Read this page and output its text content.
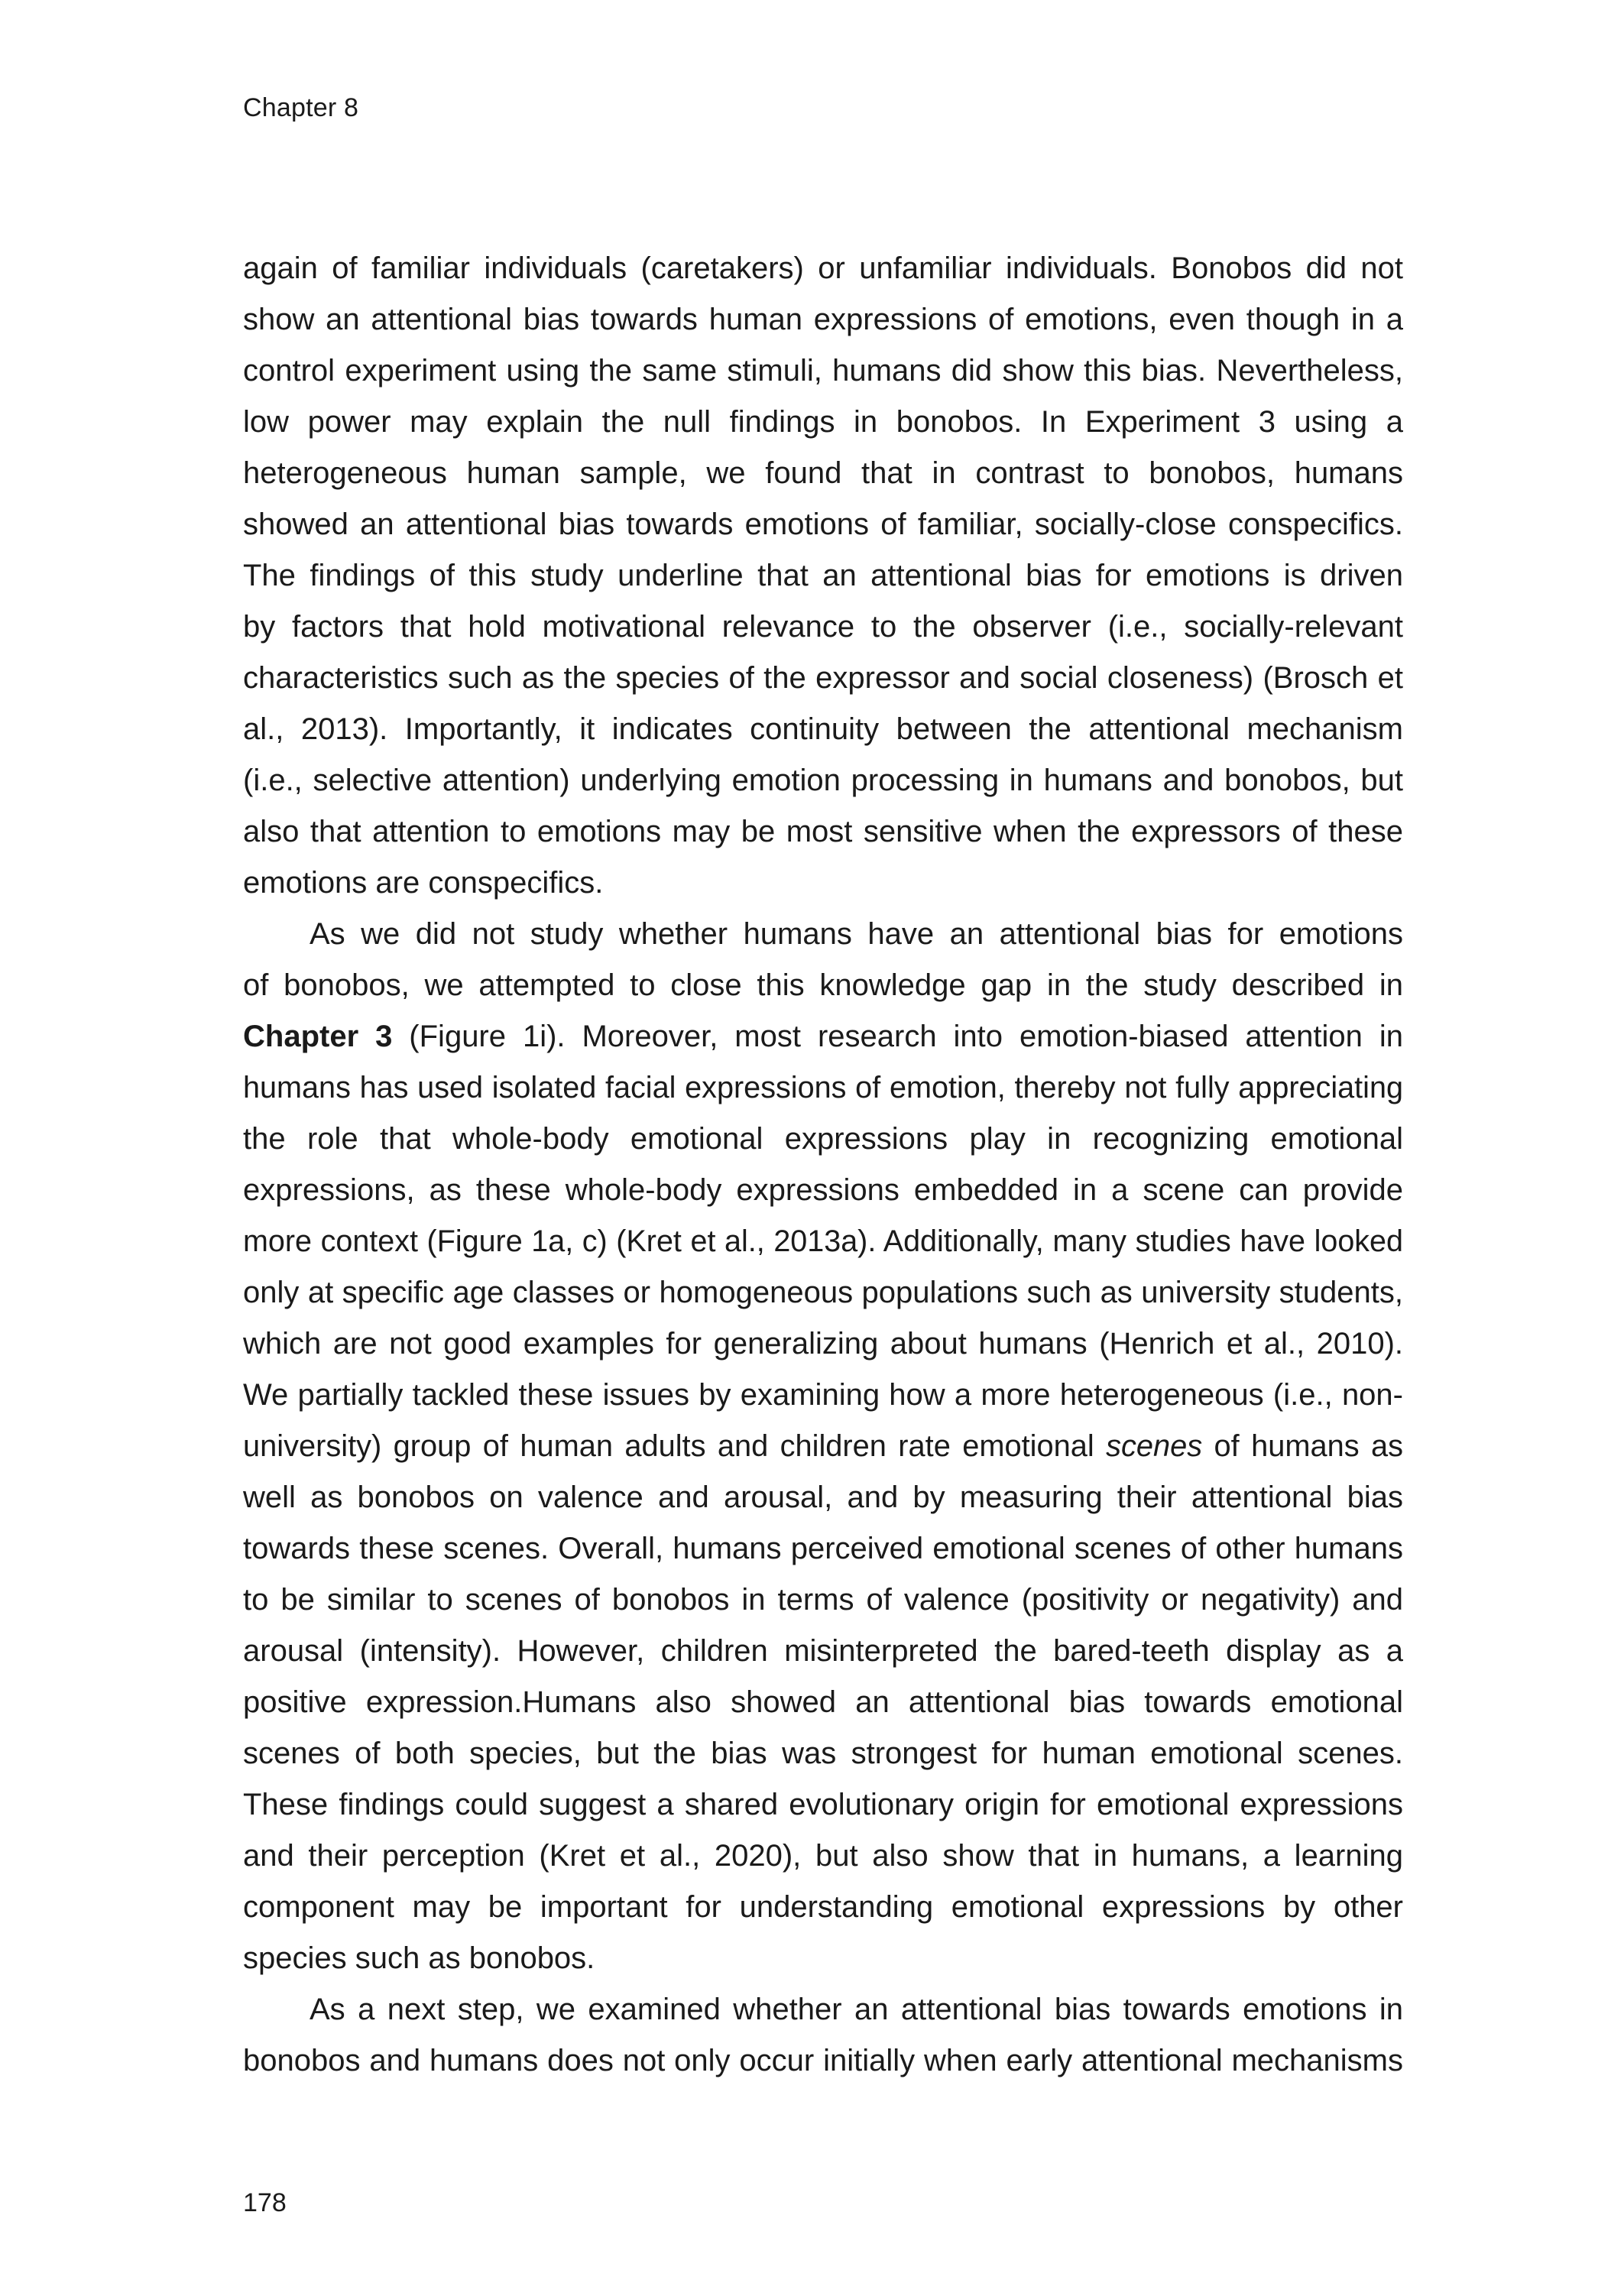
Chapter 8
again of familiar individuals (caretakers) or unfamiliar individuals. Bonobos did not
show an attentional bias towards human expressions of emotions, even though in a
control experiment using the same stimuli, humans did show this bias. Nevertheless,
low power may explain the null findings in bonobos. In Experiment 3 using a
heterogeneous human sample, we found that in contrast to bonobos, humans
showed an attentional bias towards emotions of familiar, socially-close conspecifics.
The findings of this study underline that an attentional bias for emotions is driven
by factors that hold motivational relevance to the observer (i.e., socially-relevant
characteristics such as the species of the expressor and social closeness) (Brosch et
al., 2013). Importantly, it indicates continuity between the attentional mechanism
(i.e., selective attention) underlying emotion processing in humans and bonobos, but
also that attention to emotions may be most sensitive when the expressors of these
emotions are conspecifics.
As we did not study whether humans have an attentional bias for emotions
of bonobos, we attempted to close this knowledge gap in the study described in
Chapter 3 (Figure 1i). Moreover, most research into emotion-biased attention in
humans has used isolated facial expressions of emotion, thereby not fully appreciating
the role that whole-body emotional expressions play in recognizing emotional
expressions, as these whole-body expressions embedded in a scene can provide
more context (Figure 1a, c) (Kret et al., 2013a). Additionally, many studies have looked
only at specific age classes or homogeneous populations such as university students,
which are not good examples for generalizing about humans (Henrich et al., 2010).
We partially tackled these issues by examining how a more heterogeneous (i.e., non-
university) group of human adults and children rate emotional scenes of humans as
well as bonobos on valence and arousal, and by measuring their attentional bias
towards these scenes. Overall, humans perceived emotional scenes of other humans
to be similar to scenes of bonobos in terms of valence (positivity or negativity) and
arousal (intensity). However, children misinterpreted the bared-teeth display as a
positive expression.Humans also showed an attentional bias towards emotional
scenes of both species, but the bias was strongest for human emotional scenes.
These findings could suggest a shared evolutionary origin for emotional expressions
and their perception (Kret et al., 2020), but also show that in humans, a learning
component may be important for understanding emotional expressions by other
species such as bonobos.
As a next step, we examined whether an attentional bias towards emotions in
bonobos and humans does not only occur initially when early attentional mechanisms
178
